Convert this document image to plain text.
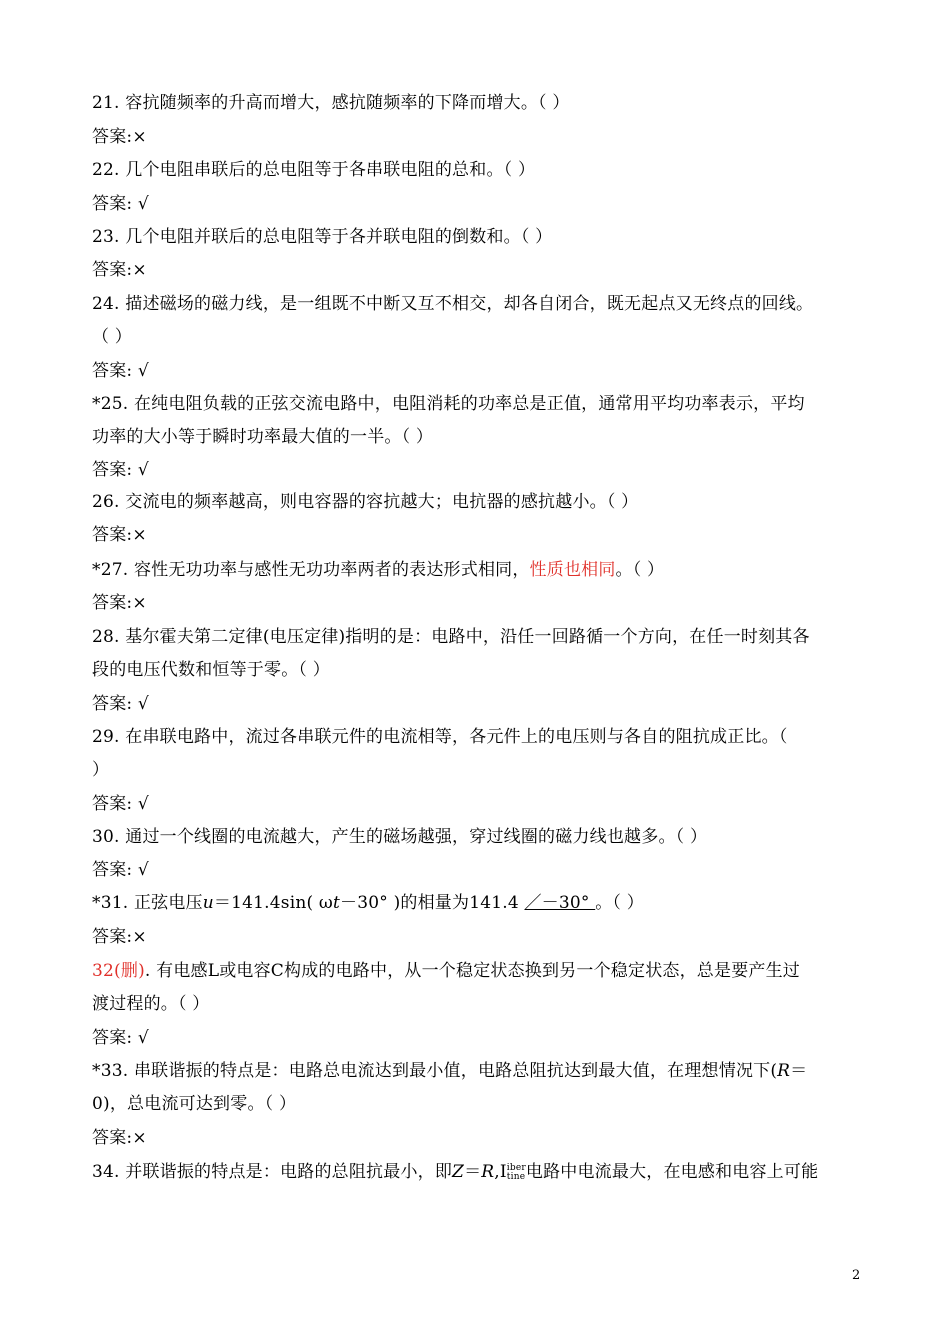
21. 容抗随频率的升高而增大，感抗随频率的下降而增大。（ ）
答案:×
22. 几个电阻串联后的总电阻等于各串联电阻的总和。（ ）
答案: √
23. 几个电阻并联后的总电阻等于各并联电阻的倒数和。（ ）
答案:×
24. 描述磁场的磁力线，是一组既不中断又互不相交，却各自闭合，既无起点又无终点的回线。
（ ）
答案: √
*25. 在纯电阻负载的正弦交流电路中，电阻消耗的功率总是正值，通常用平均功率表示，平均
功率的大小等于瞬时功率最大值的一半。（ ）
答案: √
26. 交流电的频率越高，则电容器的容抗越大；电抗器的感抗越小。（ ）
答案:×
*27. 容性无功功率与感性无功功率两者的表达形式相同，性质也相同。（ ）
答案:×
28. 基尔霍夫第二定律(电压定律)指明的是：电路中，沿任一回路循一个方向，在任一时刻其各
段的电压代数和恒等于零。（ ）
答案: √
29. 在串联电路中，流过各串联元件的电流相等，各元件上的电压则与各自的阻抗成正比。（
）
答案: √
30. 通过一个线圈的电流越大，产生的磁场越强，穿过线圈的磁力线也越多。（ ）
答案: √
*31. 正弦电压u＝141.4sin( ωt－30° )的相量为141.4 ／－30° 。（ ）
答案:×
32(删). 有电感L或电容C构成的电路中，从一个稳定状态换到另一个稳定状态，总是要产生过
渡过程的。（ ）
答案: √
*33. 串联谐振的特点是：电路总电流达到最小值，电路总阻抗达到最大值，在理想情况下(R＝
0)，总电流可达到零。（ ）
答案:×
34. 并联谐振的特点是：电路的总阻抗最小，即Z＝R,I iber
tine 电路中电流最大，在电感和电容上可能
2
